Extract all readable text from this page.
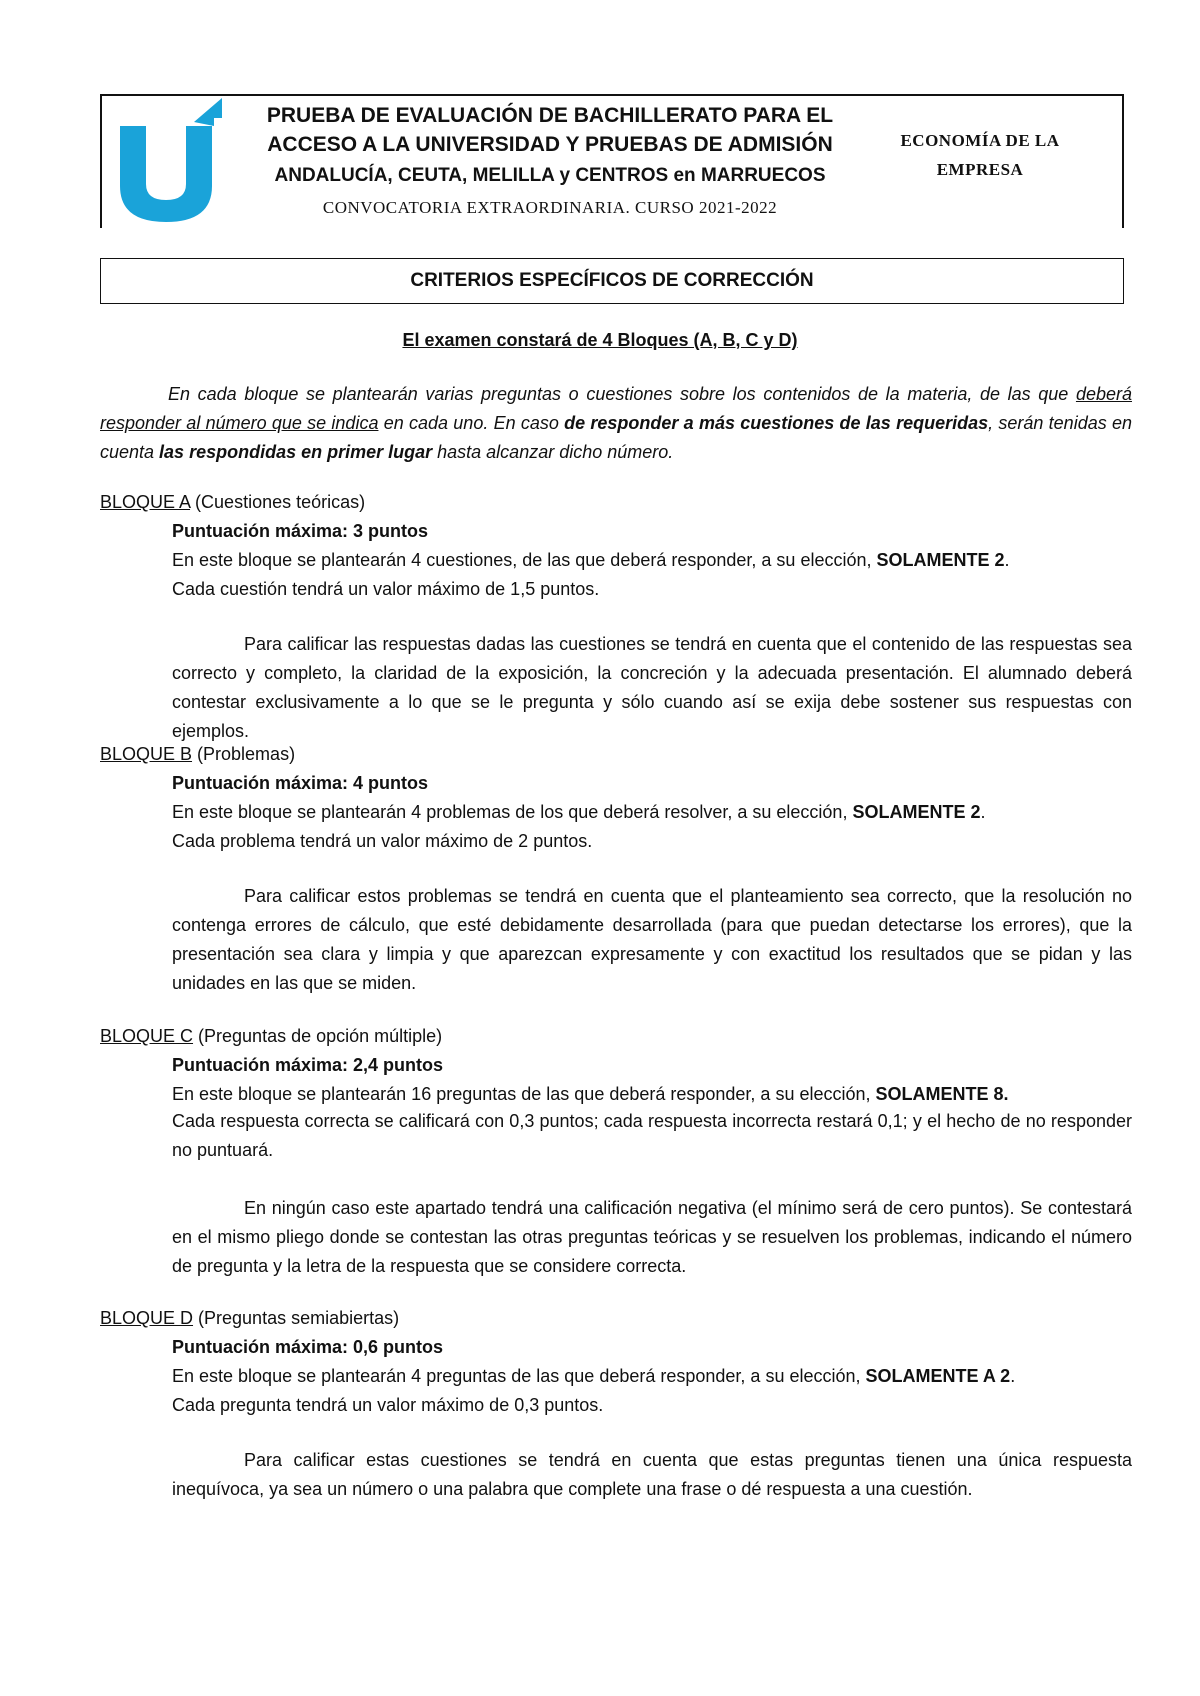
PRUEBA DE EVALUACIÓN DE BACHILLERATO PARA EL
ACCESO A LA UNIVERSIDAD Y PRUEBAS DE ADMISIÓN
ANDALUCÍA, CEUTA, MELILLA y CENTROS en MARRUECOS
CONVOCATORIA EXTRAORDINARIA. CURSO 2021-2022
ECONOMÍA DE LA
EMPRESA
CRITERIOS ESPECÍFICOS DE CORRECCIÓN
El examen constará de 4 Bloques (A, B, C y D)
En cada bloque se plantearán varias preguntas o cuestiones sobre los contenidos de la materia, de las que deberá responder al número que se indica en cada uno. En caso de responder a más cuestiones de las requeridas, serán tenidas en cuenta las respondidas en primer lugar hasta alcanzar dicho número.
BLOQUE A (Cuestiones teóricas)
Puntuación máxima: 3 puntos
En este bloque se plantearán 4 cuestiones, de las que deberá responder, a su elección, SOLAMENTE 2.
Cada cuestión tendrá un valor máximo de 1,5 puntos.
Para calificar las respuestas dadas las cuestiones se tendrá en cuenta que el contenido de las respuestas sea correcto y completo, la claridad de la exposición, la concreción y la adecuada presentación. El alumnado deberá contestar exclusivamente a lo que se le pregunta y sólo cuando así se exija debe sostener sus respuestas con ejemplos.
BLOQUE B (Problemas)
Puntuación máxima: 4 puntos
En este bloque se plantearán 4 problemas de los que deberá resolver, a su elección, SOLAMENTE 2.
Cada problema tendrá un valor máximo de 2 puntos.
Para calificar estos problemas se tendrá en cuenta que el planteamiento sea correcto, que la resolución no contenga errores de cálculo, que esté debidamente desarrollada (para que puedan detectarse los errores), que la presentación sea clara y limpia y que aparezcan expresamente y con exactitud los resultados que se pidan y las unidades en las que se miden.
BLOQUE C (Preguntas de opción múltiple)
Puntuación máxima: 2,4 puntos
En este bloque se plantearán 16 preguntas de las que deberá responder, a su elección, SOLAMENTE 8.
Cada respuesta correcta se calificará con 0,3 puntos; cada respuesta incorrecta restará 0,1; y el hecho de no responder no puntuará.
En ningún caso este apartado tendrá una calificación negativa (el mínimo será de cero puntos). Se contestará en el mismo pliego donde se contestan las otras preguntas teóricas y se resuelven los problemas, indicando el número de pregunta y la letra de la respuesta que se considere correcta.
BLOQUE D (Preguntas semiabiertas)
Puntuación máxima: 0,6 puntos
En este bloque se plantearán 4 preguntas de las que deberá responder, a su elección, SOLAMENTE A 2.
Cada pregunta tendrá un valor máximo de 0,3 puntos.
Para calificar estas cuestiones se tendrá en cuenta que estas preguntas tienen una única respuesta inequívoca, ya sea un número o una palabra que complete una frase o dé respuesta a una cuestión.
